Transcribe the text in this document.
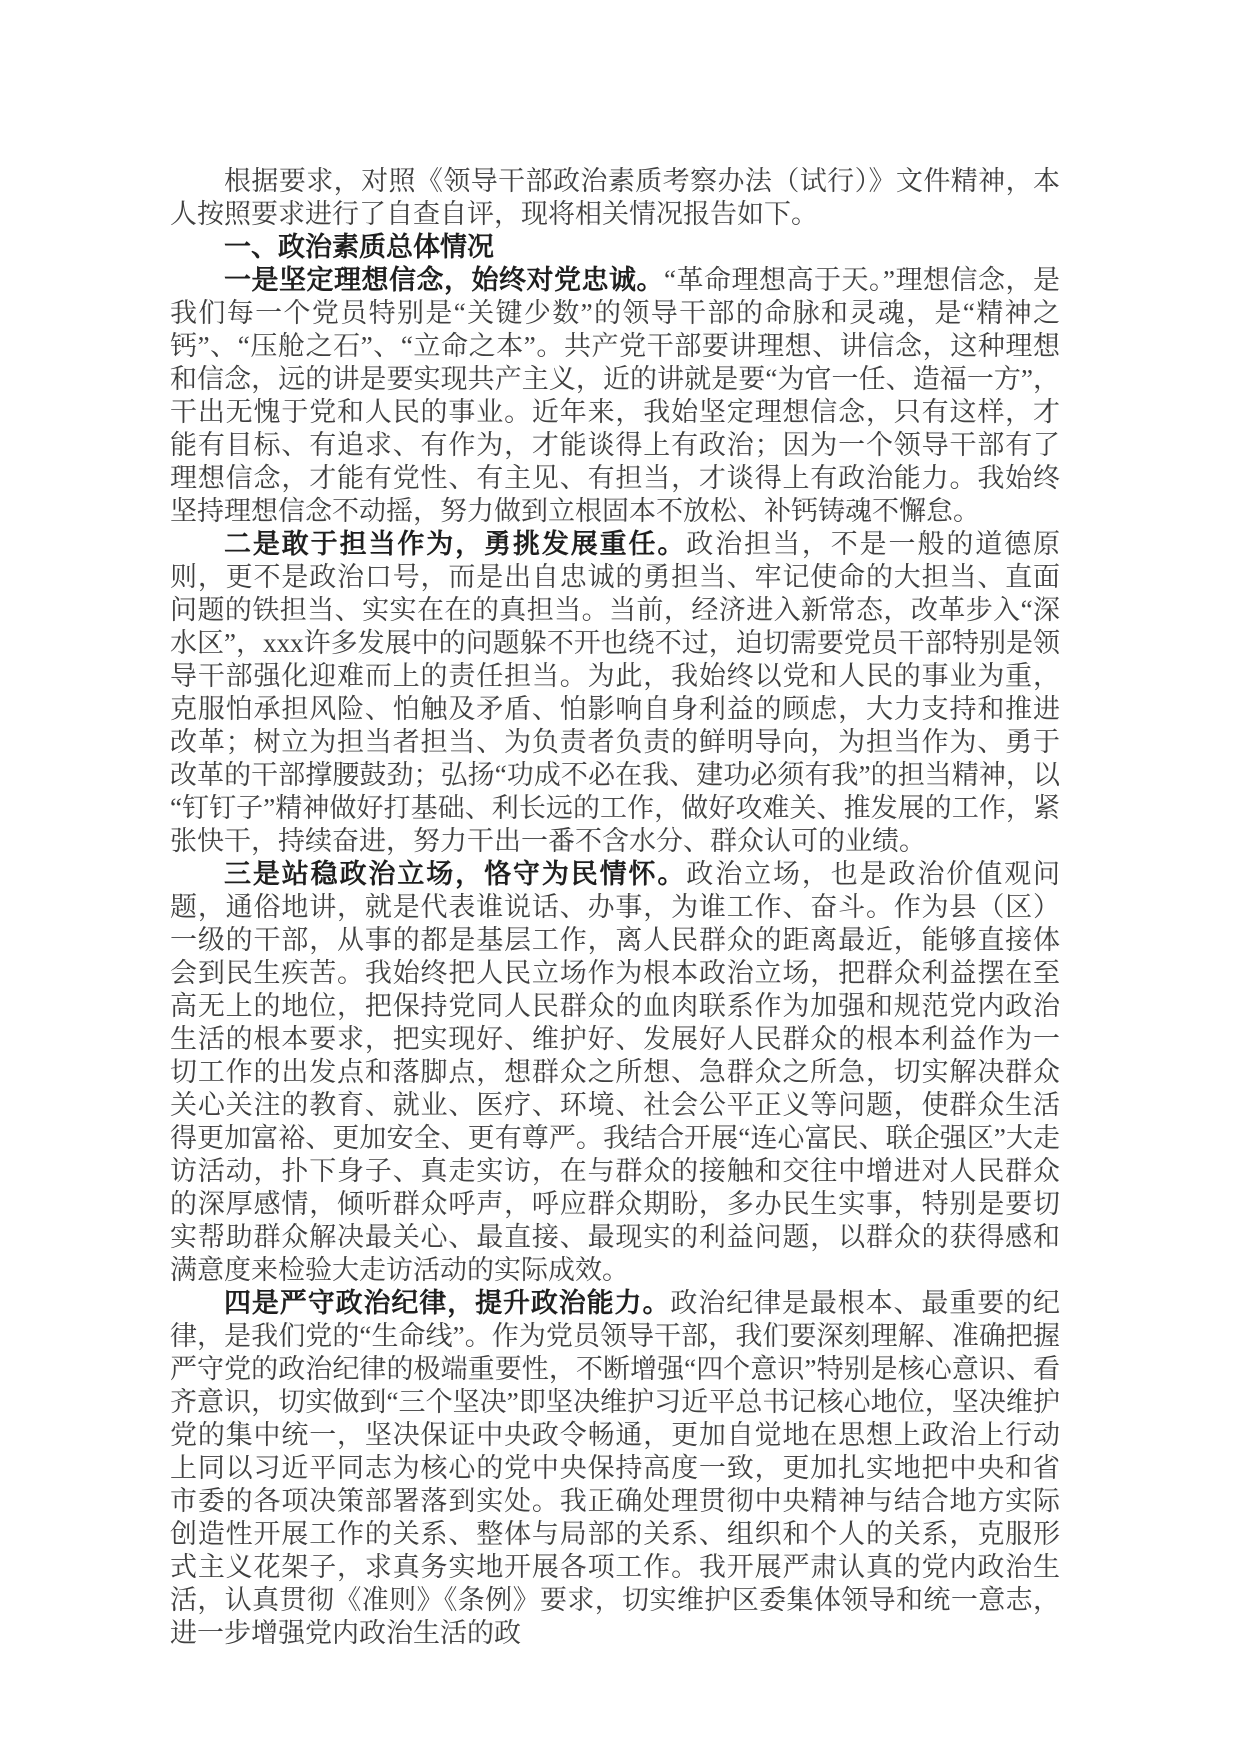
根据要求，对照《领导干部政治素质考察办法（试行）》文件精神，本人按照要求进行了自查自评，现将相关情况报告如下。

一、政治素质总体情况

一是坚定理想信念，始终对党忠诚。“革命理想高于天。”理想信念，是我们每一个党员特别是“关键少数”的领导干部的命脉和灵魂，是“精神之钙”、“压舱之石”、“立命之本”。共产党干部要讲理想、讲信念，这种理想和信念，远的讲是要实现共产主义，近的讲就是要“为官一任、造福一方”，干出无愧于党和人民的事业。近年来，我始坚定理想信念，只有这样，才能有目标、有追求、有作为，才能谈得上有政治；因为一个领导干部有了理想信念，才能有党性、有主见、有担当，才谈得上有政治能力。我始终坚持理想信念不动摇，努力做到立根固本不放松、补钙铸魂不懈怠。

二是敢于担当作为，勇挑发展重任。政治担当，不是一般的道德原则，更不是政治口号，而是出自忠诚的勇担当、牢记使命的大担当、直面问题的铁担当、实实在在的真担当。当前，经济进入新常态，改革步入“深水区”，xxx许多发展中的问题躲不开也绕不过，迫切需要党员干部特别是领导干部强化迎难而上的责任担当。为此，我始终以党和人民的事业为重，克服怕承担风险、怕触及矛盾、怕影响自身利益的顾虑，大力支持和推进改革；树立为担当者担当、为负责者负责的鲜明导向，为担当作为、勇于改革的干部撑腰鼓劲；弘扬“功成不必在我、建功必须有我”的担当精神，以“钉钉子”精神做好打基础、利长远的工作，做好攻难关、推发展的工作，紧张快干，持续奋进，努力干出一番不含水分、群众认可的业绩。

三是站稳政治立场，恪守为民情怀。政治立场，也是政治价值观问题，通俗地讲，就是代表谁说话、办事，为谁工作、奋斗。作为县（区）一级的干部，从事的都是基层工作，离人民群众的距离最近，能够直接体会到民生疾苦。我始终把人民立场作为根本政治立场，把群众利益摆在至高无上的地位，把保持党同人民群众的血肉联系作为加强和规范党内政治生活的根本要求，把实现好、维护好、发展好人民群众的根本利益作为一切工作的出发点和落脚点，想群众之所想、急群众之所急，切实解决群众关心关注的教育、就业、医疗、环境、社会公平正义等问题，使群众生活得更加富裕、更加安全、更有尊严。我结合开展“连心富民、联企强区”大走访活动，扑下身子、真走实访，在与群众的接触和交往中增进对人民群众的深厚感情，倾听群众呼声，呼应群众期盼，多办民生实事，特别是要切实帮助群众解决最关心、最直接、最现实的利益问题，以群众的获得感和满意度来检验大走访活动的实际成效。

四是严守政治纪律，提升政治能力。政治纪律是最根本、最重要的纪律，是我们党的“生命线”。作为党员领导干部，我们要深刻理解、准确把握严守党的政治纪律的极端重要性，不断增强“四个意识”特别是核心意识、看齐意识，切实做到“三个坚决”即坚决维护习近平总书记核心地位，坚决维护党的集中统一，坚决保证中央政令畅通，更加自觉地在思想上政治上行动上同以习近平同志为核心的党中央保持高度一致，更加扎实地把中央和省市委的各项决策部署落到实处。我正确处理贯彻中央精神与结合地方实际创造性开展工作的关系、整体与局部的关系、组织和个人的关系，克服形式主义花架子，求真务实地开展各项工作。我开展严肃认真的党内政治生活，认真贯彻《准则》《条例》要求，切实维护区委集体领导和统一意志，进一步增强党内政治生活的政
